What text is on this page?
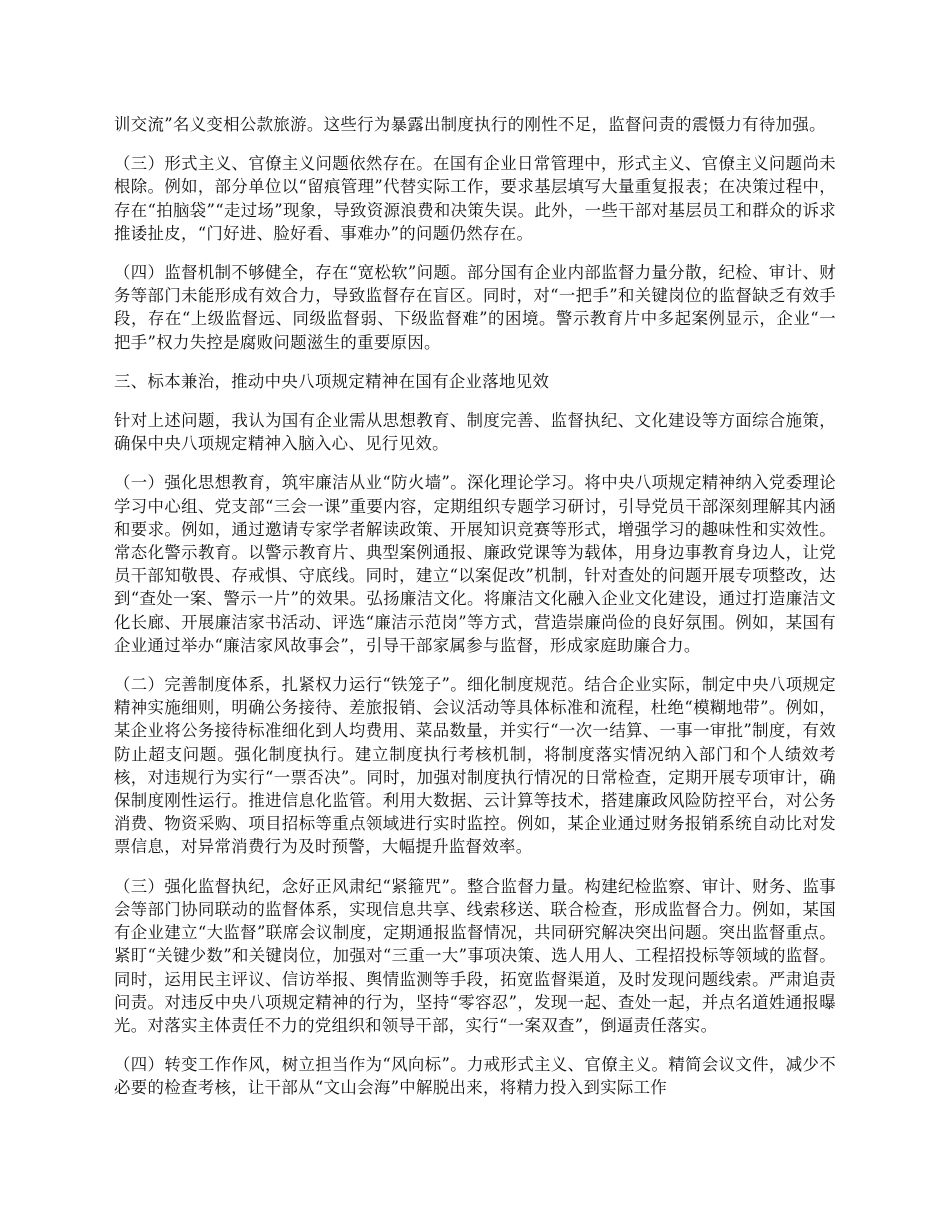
训交流”名义变相公款旅游。这些行为暴露出制度执行的刚性不足，监督问责的震慑力有待加强。

（三）形式主义、官僚主义问题依然存在。在国有企业日常管理中，形式主义、官僚主义问题尚未根除。例如，部分单位以“留痕管理”代替实际工作，要求基层填写大量重复报表；在决策过程中，存在“拍脑袋”“走过场”现象，导致资源浪费和决策失误。此外，一些干部对基层员工和群众的诉求推诿扯皮，“门好进、脸好看、事难办”的问题仍然存在。

（四）监督机制不够健全，存在“宽松软”问题。部分国有企业内部监督力量分散，纪检、审计、财务等部门未能形成有效合力，导致监督存在盲区。同时，对“一把手”和关键岗位的监督缺乏有效手段，存在“上级监督远、同级监督弱、下级监督难”的困境。警示教育片中多起案例显示，企业“一把手”权力失控是腐败问题滋生的重要原因。

三、标本兼治，推动中央八项规定精神在国有企业落地见效

针对上述问题，我认为国有企业需从思想教育、制度完善、监督执纪、文化建设等方面综合施策，确保中央八项规定精神入脑入心、见行见效。

（一）强化思想教育，筑牢廉洁从业“防火墙”。深化理论学习。将中央八项规定精神纳入党委理论学习中心组、党支部“三会一课”重要内容，定期组织专题学习研讨，引导党员干部深刻理解其内涵和要求。例如，通过邀请专家学者解读政策、开展知识竞赛等形式，增强学习的趣味性和实效性。常态化警示教育。以警示教育片、典型案例通报、廉政党课等为载体，用身边事教育身边人，让党员干部知敬畏、存戒惧、守底线。同时，建立“以案促改”机制，针对查处的问题开展专项整改，达到“查处一案、警示一片”的效果。弘扬廉洁文化。将廉洁文化融入企业文化建设，通过打造廉洁文化长廊、开展廉洁家书活动、评选“廉洁示范岗”等方式，营造崇廉尚俭的良好氛围。例如，某国有企业通过举办“廉洁家风故事会”，引导干部家属参与监督，形成家庭助廉合力。

（二）完善制度体系，扎紧权力运行“铁笼子”。细化制度规范。结合企业实际，制定中央八项规定精神实施细则，明确公务接待、差旅报销、会议活动等具体标准和流程，杜绝“模糊地带”。例如，某企业将公务接待标准细化到人均费用、菜品数量，并实行“一次一结算、一事一审批”制度，有效防止超支问题。强化制度执行。建立制度执行考核机制，将制度落实情况纳入部门和个人绩效考核，对违规行为实行“一票否决”。同时，加强对制度执行情况的日常检查，定期开展专项审计，确保制度刚性运行。推进信息化监管。利用大数据、云计算等技术，搭建廉政风险防控平台，对公务消费、物资采购、项目招标等重点领域进行实时监控。例如，某企业通过财务报销系统自动比对发票信息，对异常消费行为及时预警，大幅提升监督效率。

（三）强化监督执纪，念好正风肃纪“紧箍咒”。整合监督力量。构建纪检监察、审计、财务、监事会等部门协同联动的监督体系，实现信息共享、线索移送、联合检查，形成监督合力。例如，某国有企业建立“大监督”联席会议制度，定期通报监督情况，共同研究解决突出问题。突出监督重点。紧盯“关键少数”和关键岗位，加强对“三重一大”事项决策、选人用人、工程招投标等领域的监督。同时，运用民主评议、信访举报、舆情监测等手段，拓宽监督渠道，及时发现问题线索。严肃追责问责。对违反中央八项规定精神的行为，坚持“零容忍”，发现一起、查处一起，并点名道姓通报曝光。对落实主体责任不力的党组织和领导干部，实行“一案双查”，倒逼责任落实。

（四）转变工作作风，树立担当作为“风向标”。力戒形式主义、官僚主义。精简会议文件，减少不必要的检查考核，让干部从“文山会海”中解脱出来，将精力投入到实际工作
